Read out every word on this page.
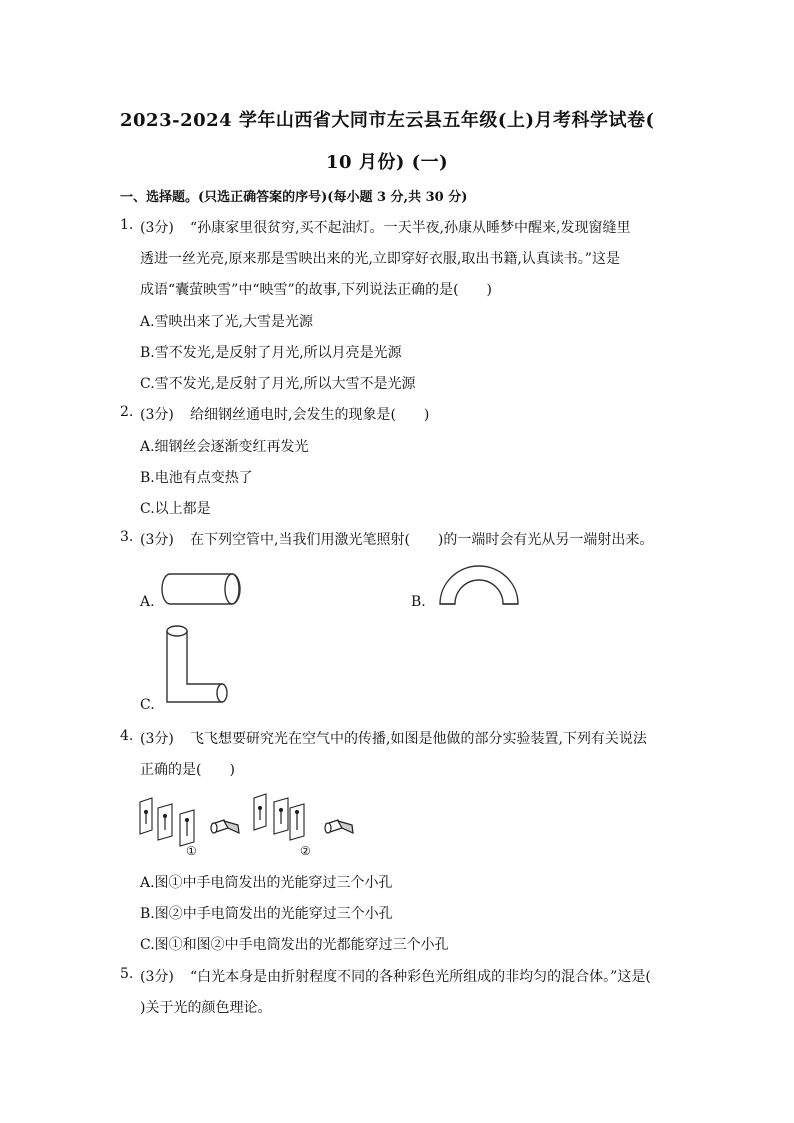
2023-2024 学年山西省大同市左云县五年级(上)月考科学试卷(
10 月份) (一)
一、选择题。(只选正确答案的序号)(每小题 3 分,共 30 分)
1. (3分) “孙康家里很贫穷,买不起油灯。一天半夜,孙康从睡梦中醒来,发现窗缝里
透进一丝光亮,原来那是雪映出来的光,立即穿好衣服,取出书籍,认真读书。”这是
成语“囊萤映雪”中“映雪”的故事,下列说法正确的是(　　)
A.雪映出来了光,大雪是光源
B.雪不发光,是反射了月光,所以月亮是光源
C.雪不发光,是反射了月光,所以大雪不是光源
2. (3分) 给细钢丝通电时,会发生的现象是(　　)
A.细钢丝会逐渐变红再发光
B.电池有点变热了
C.以上都是
3. (3分) 在下列空管中,当我们用激光笔照射(　　)的一端时会有光从另一端射出来。
A.	B.
C.
4. (3分) 飞飞想要研究光在空气中的传播,如图是他做的部分实验装置,下列有关说法
正确的是(　　)
①	②
A.图①中手电筒发出的光能穿过三个小孔
B.图②中手电筒发出的光能穿过三个小孔
C.图①和图②中手电筒发出的光都能穿过三个小孔
5. (3分) “白光本身是由折射程度不同的各种彩色光所组成的非均匀的混合体。”这是(
)关于光的颜色理论。
